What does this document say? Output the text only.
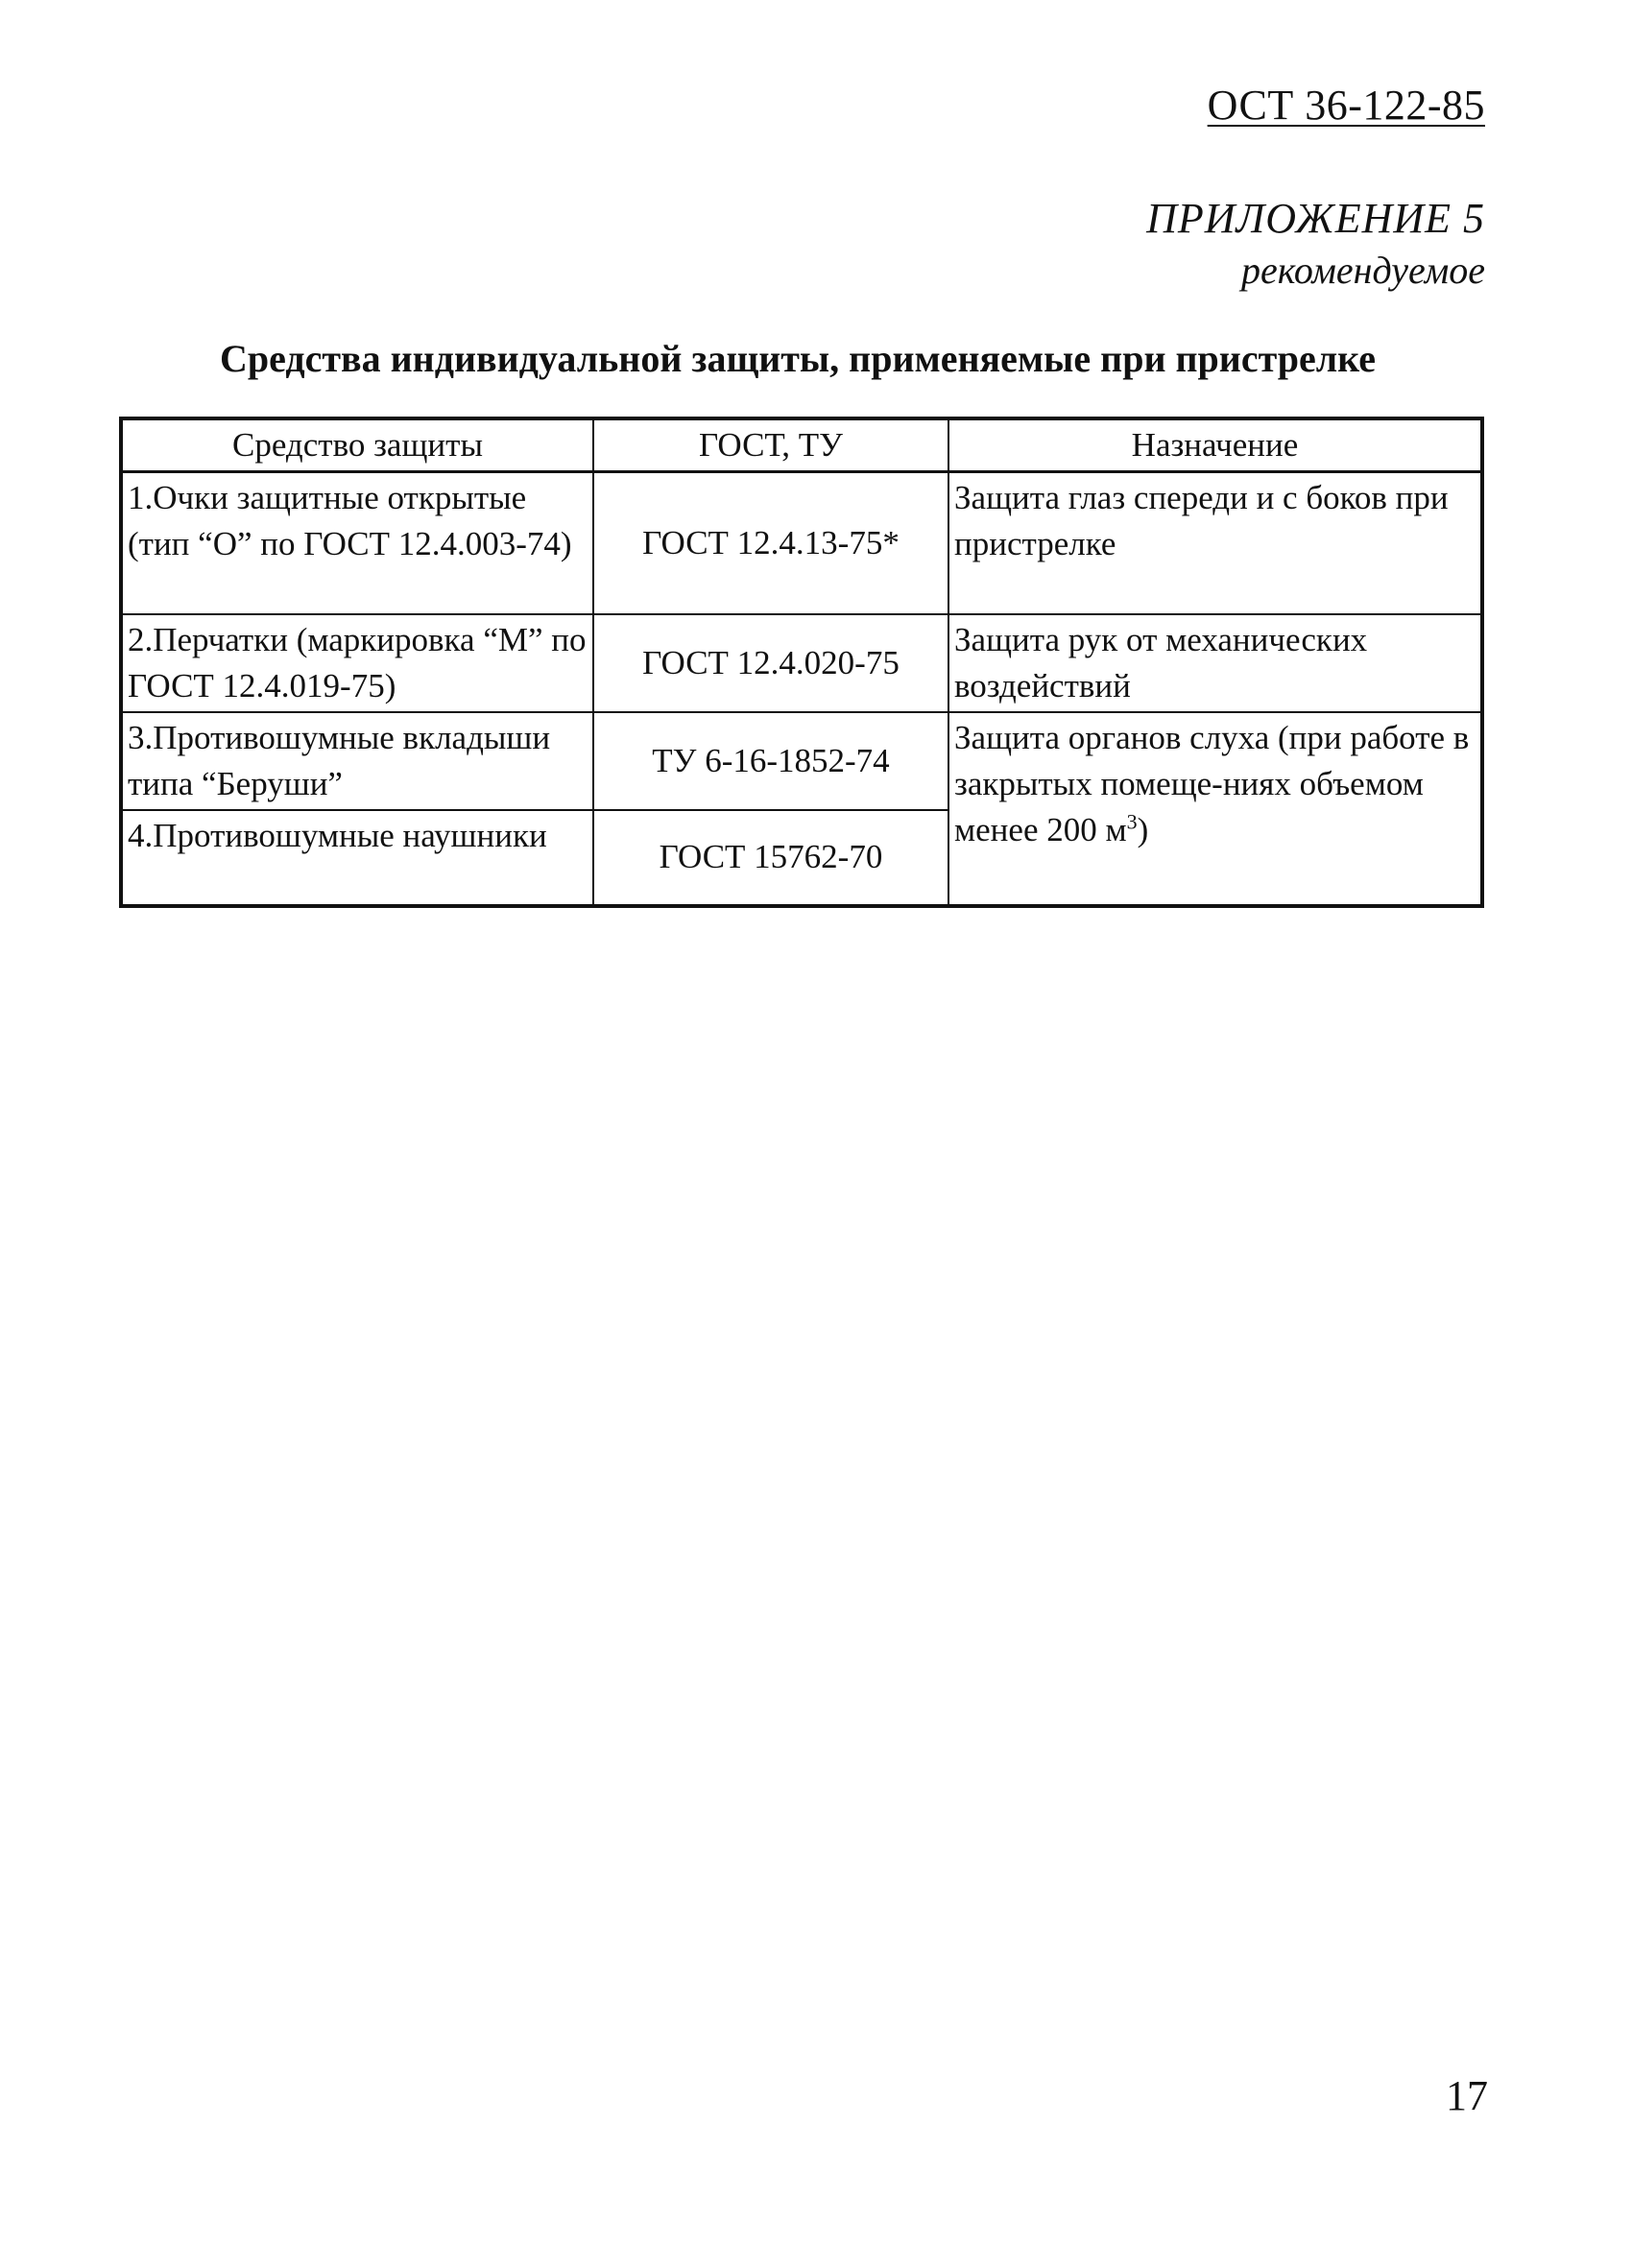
ОСТ 36-122-85
ПРИЛОЖЕНИЕ 5
рекомендуемое
Средства индивидуальной защиты, применяемые при пристрелке
Средство защиты	ГОСТ, ТУ	Назначение
1.Очки защитные открытые (тип “О” по ГОСТ 12.4.003-74)	ГОСТ 12.4.13-75*	Защита глаз спереди и с боков при пристрелке
2.Перчатки (маркировка “М” по ГОСТ 12.4.019-75)	ГОСТ 12.4.020-75	Защита рук от механических воздействий
3.Противошумные вкладыши типа “Беруши”	ТУ 6-16-1852-74	Защита органов слуха (при работе в закрытых помеще-ниях объемом менее 200 $м^3$)
4.Противошумные наушники	ГОСТ 15762-70	
17
